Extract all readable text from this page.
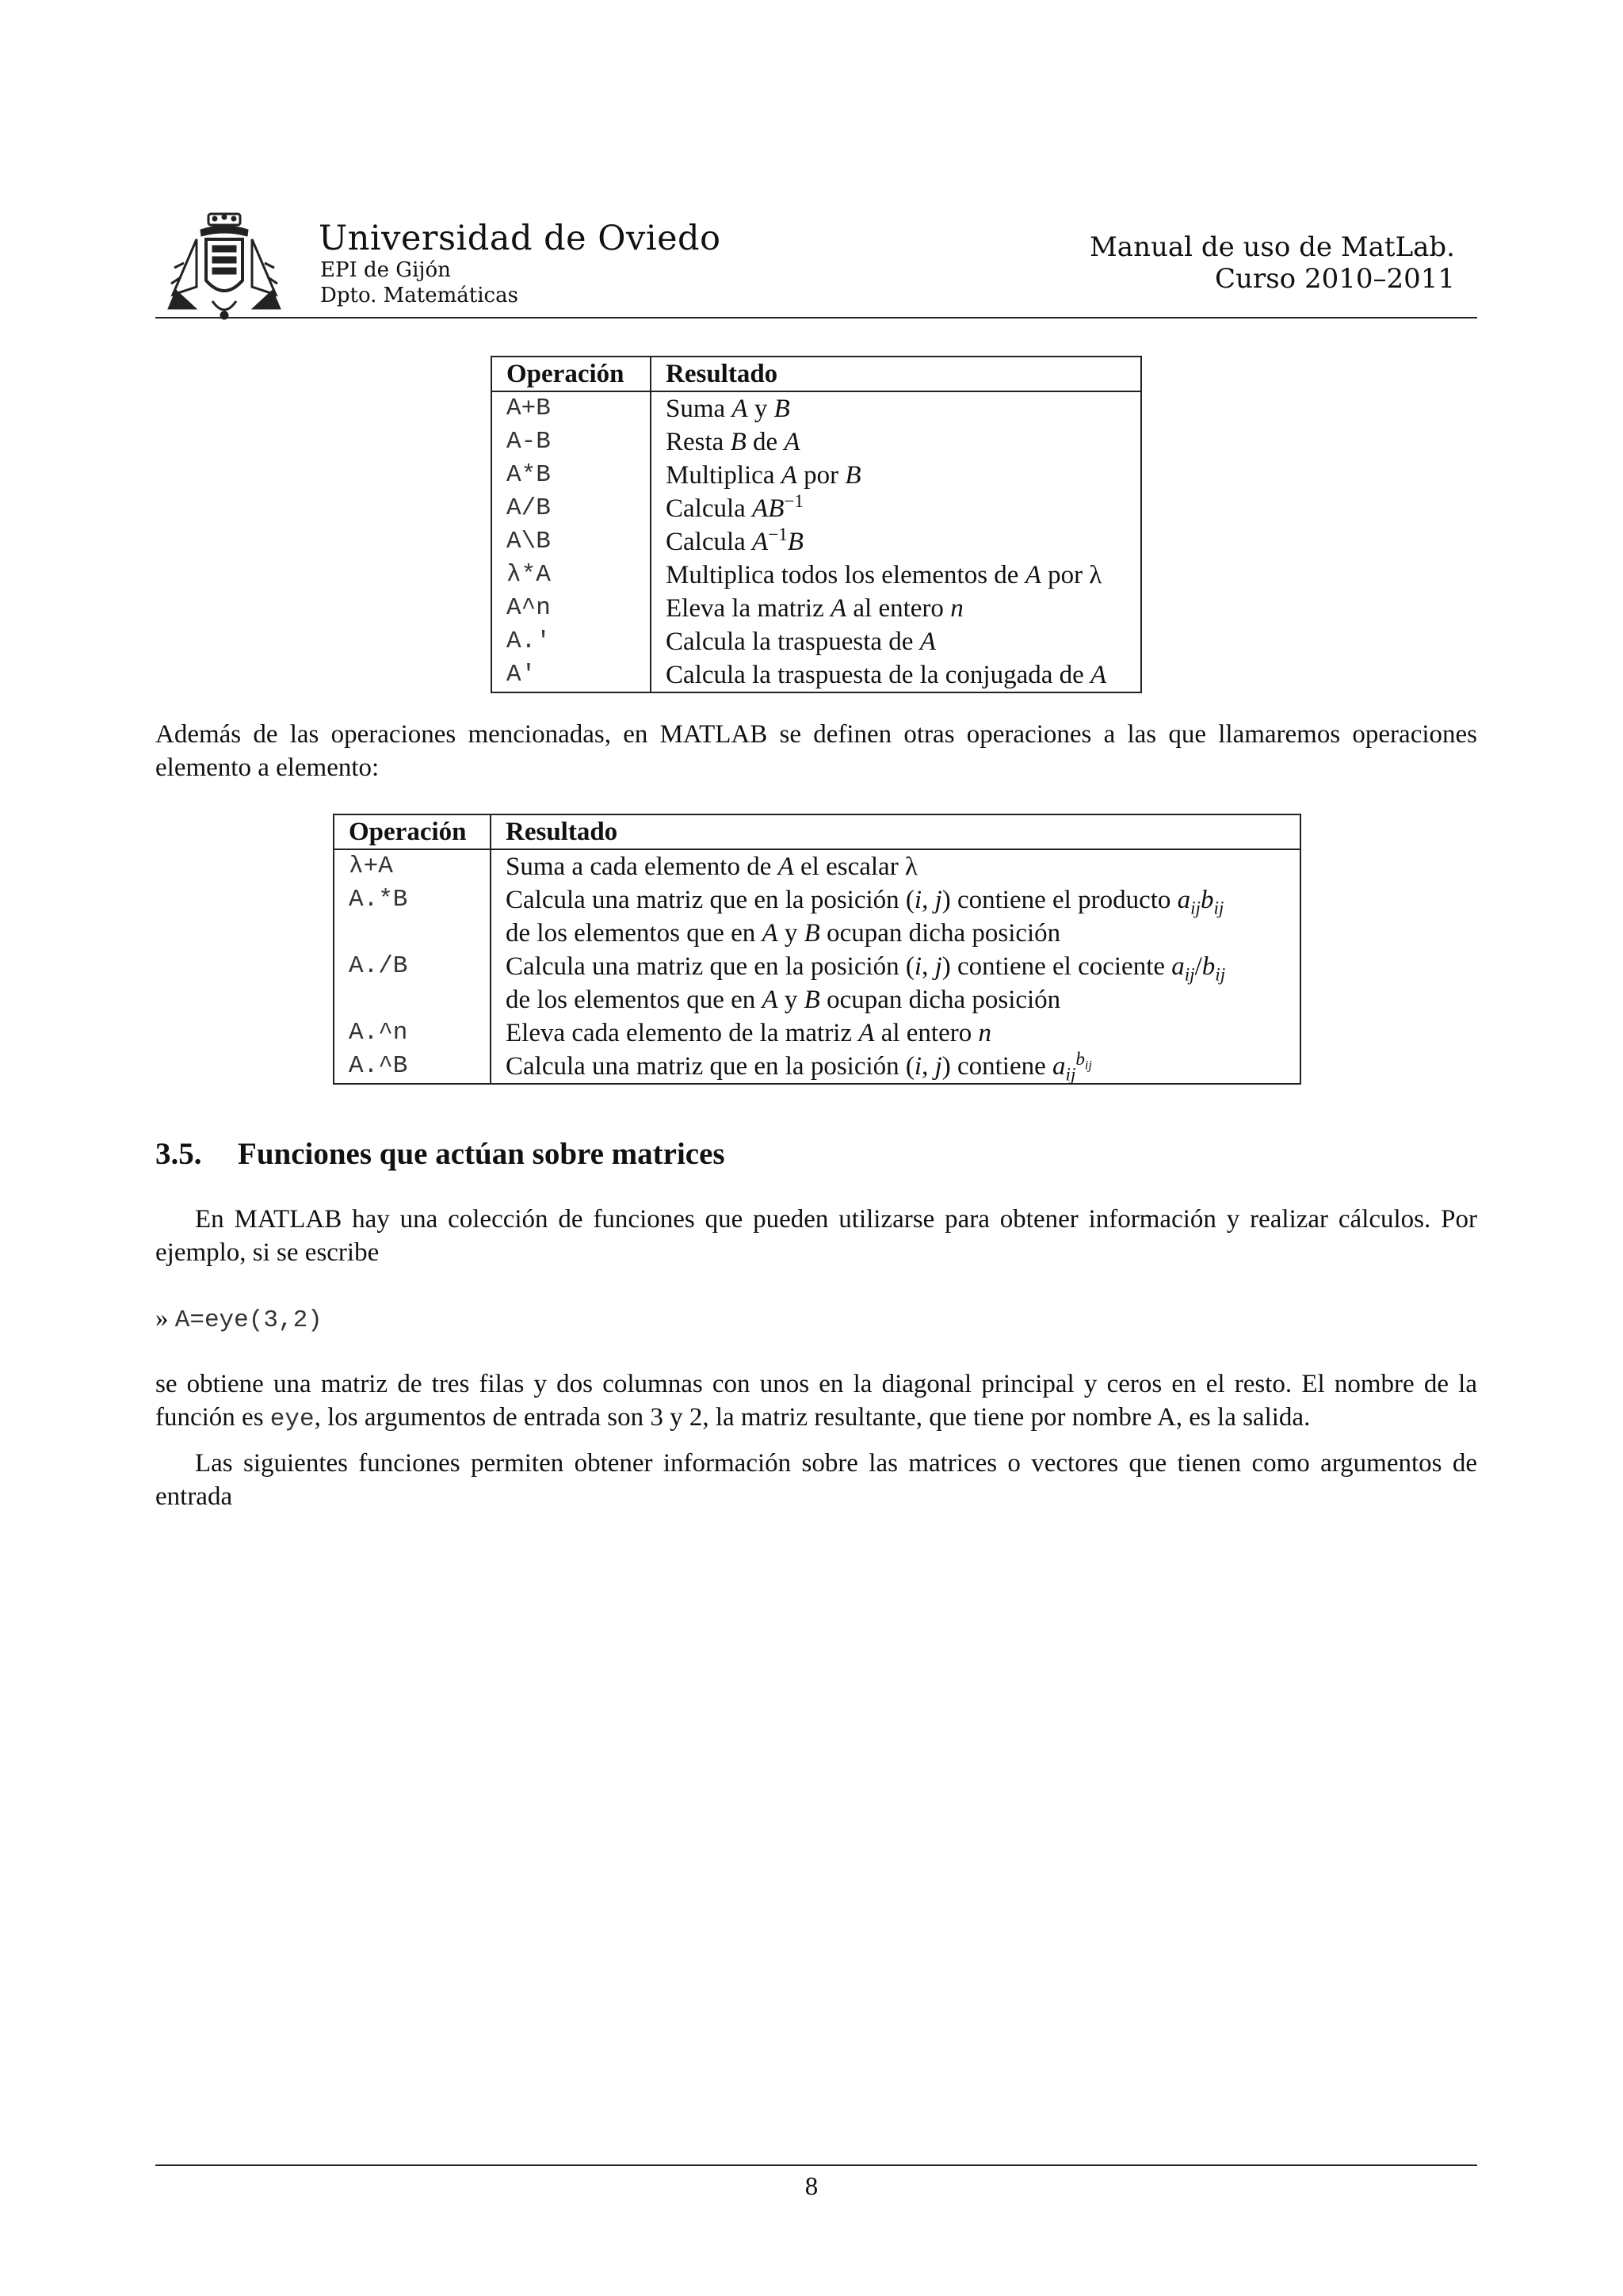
Universidad de Oviedo
EPI de Gijón
Dpto. Matemáticas
Manual de uso de MatLab.
Curso 2010–2011
Operación	Resultado
A+B	Suma A y B
A-B	Resta B de A
A*B	Multiplica A por B
A/B	Calcula $AB^{-1}$
A\B	Calcula $A^{-1}B$
λ*A	Multiplica todos los elementos de A por λ
A^n	Eleva la matriz A al entero n
A.'	Calcula la traspuesta de A
A'	Calcula la traspuesta de la conjugada de A
Además de las operaciones mencionadas, en MATLAB se definen otras operaciones a las que llamaremos operaciones elemento a elemento:
Operación	Resultado
λ+A	Suma a cada elemento de A el escalar λ
A.*B	Calcula una matriz que en la posición (i, j) contiene el producto $a_{ij}b_{ij}$
	de los elementos que en A y B ocupan dicha posición
A./B	Calcula una matriz que en la posición (i, j) contiene el cociente $a_{ij}/b_{ij}$
	de los elementos que en A y B ocupan dicha posición
A.^n	Eleva cada elemento de la matriz A al entero n
A.^B	Calcula una matriz que en la posición (i, j) contiene $a_{ij}^{b_{ij}}$
3.5. Funciones que actúan sobre matrices
En MATLAB hay una colección de funciones que pueden utilizarse para obtener información y realizar cálculos. Por ejemplo, si se escribe
» A=eye(3,2)
se obtiene una matriz de tres filas y dos columnas con unos en la diagonal principal y ceros en el resto. El nombre de la función es eye, los argumentos de entrada son 3 y 2, la matriz resultante, que tiene por nombre A, es la salida.
Las siguientes funciones permiten obtener información sobre las matrices o vectores que tienen como argumentos de entrada
8
